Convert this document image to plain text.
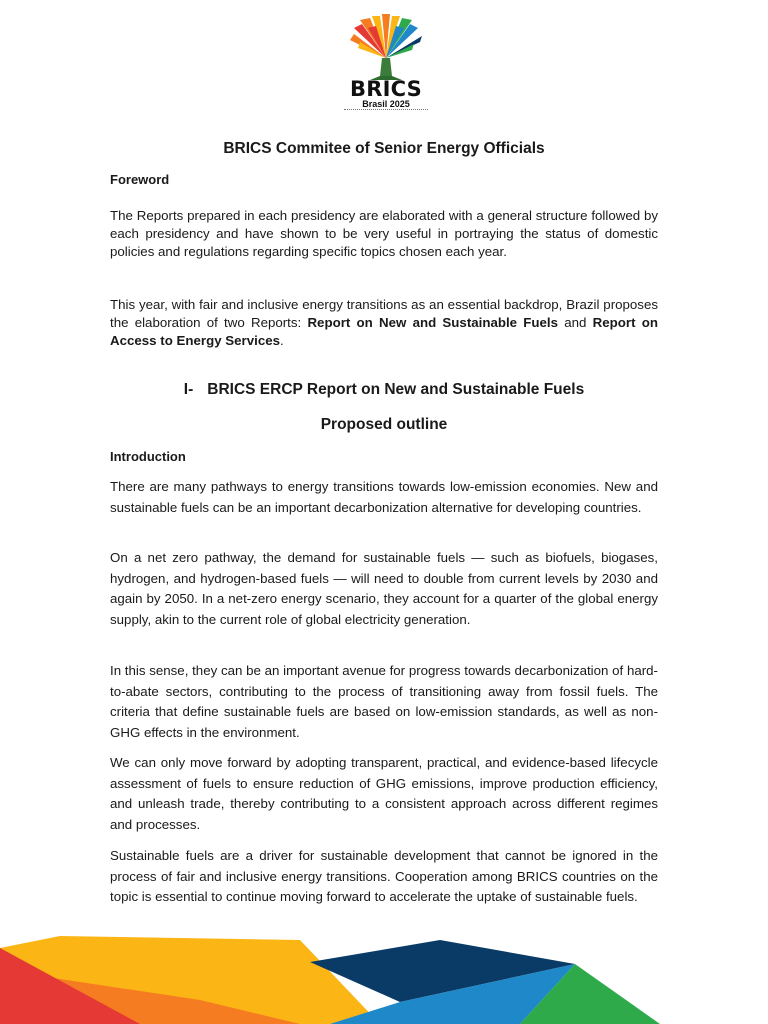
BRICS
Brasil 2025
BRICS Commitee of Senior Energy Officials
Foreword

The Reports prepared in each presidency are elaborated with a general structure followed by each presidency and have shown to be very useful in portraying the status of domestic policies and regulations regarding specific topics chosen each year.

This year, with fair and inclusive energy transitions as an essential backdrop, Brazil proposes the elaboration of two Reports: Report on New and Sustainable Fuels and Report on Access to Energy Services.

I- BRICS ERCP Report on New and Sustainable Fuels
Proposed outline
Introduction

There are many pathways to energy transitions towards low-emission economies. New and sustainable fuels can be an important decarbonization alternative for developing countries.

On a net zero pathway, the demand for sustainable fuels — such as biofuels, biogases, hydrogen, and hydrogen-based fuels — will need to double from current levels by 2030 and again by 2050. In a net-zero energy scenario, they account for a quarter of the global energy supply, akin to the current role of global electricity generation.

In this sense, they can be an important avenue for progress towards decarbonization of hard-to-abate sectors, contributing to the process of transitioning away from fossil fuels. The criteria that define sustainable fuels are based on low-emission standards, as well as non-GHG effects in the environment.

We can only move forward by adopting transparent, practical, and evidence-based lifecycle assessment of fuels to ensure reduction of GHG emissions, improve production efficiency, and unleash trade, thereby contributing to a consistent approach across different regimes and processes.

Sustainable fuels are a driver for sustainable development that cannot be ignored in the process of fair and inclusive energy transitions. Cooperation among BRICS countries on the topic is essential to continue moving forward to accelerate the uptake of sustainable fuels.
